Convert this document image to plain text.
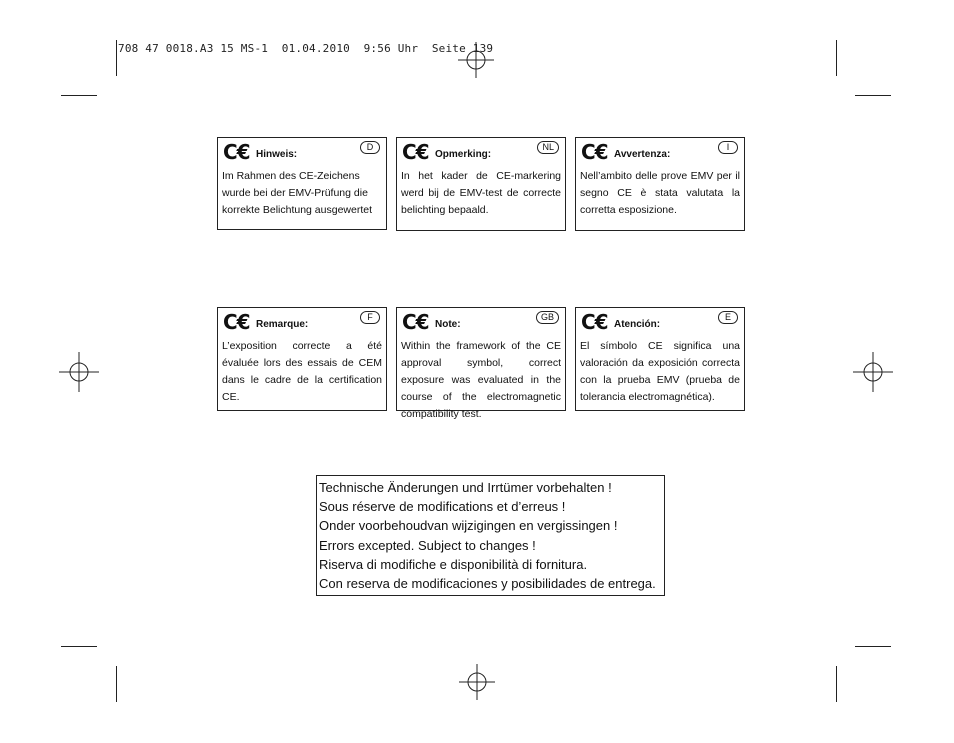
708 47 0018.A3 15 MS-1  01.04.2010  9:56 Uhr  Seite 139
C€ Hinweis:
D
Im Rahmen des CE-Zeichens wurde bei der EMV-Prüfung die korrekte Belichtung ausgewertet
C€ Opmerking:
NL
In het kader de CE-markering werd bij de EMV-test de correcte belichting bepaald.
C€ Avvertenza:
I
Nell’ambito delle prove EMV per il segno CE è stata valutata la corretta esposizione.
C€ Remarque:
F
L’exposition correcte a été évaluée lors des essais de CEM dans le cadre de la certification CE.
C€ Note:
GB
Within the framework of the CE approval symbol, correct exposure was evaluated in the course of the electromagnetic compatibility test.
C€ Atención:
E
El símbolo CE significa una valoración da exposición correcta con la prueba EMV (prueba de tolerancia electromagnética).
Technische Änderungen und Irrtümer vorbehalten !
Sous réserve de modifications et d’erreus !
Onder voorbehoudvan wijzigingen en vergissingen !
Errors excepted. Subject to changes !
Riserva di modifiche e disponibilità di fornitura.
Con reserva de modificaciones y posibilidades de entrega.
